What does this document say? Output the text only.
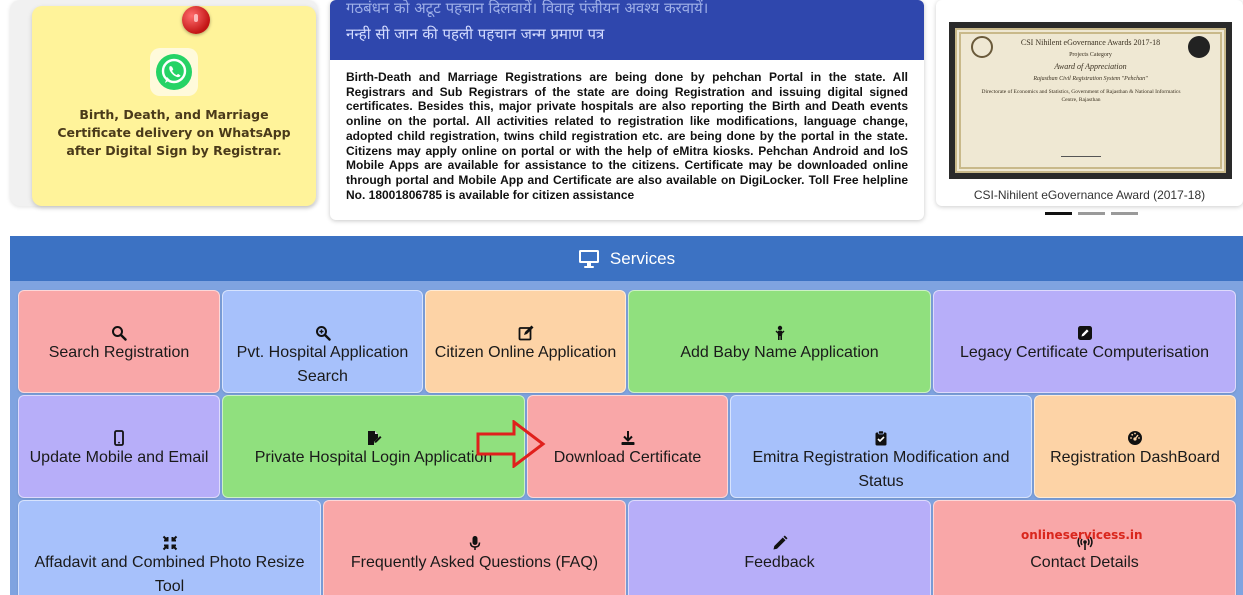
Birth, Death, and Marriage Certificate delivery on WhatsApp after Digital Sign by Registrar.
गठबंधन को अटूट पहचान दिलवायें। विवाह पंजीयन अवश्य करवायें।
नन्ही सी जान की पहली पहचान जन्म प्रमाण पत्र
Birth-Death and Marriage Registrations are being done by pehchan Portal in the state. All Registrars and Sub Registrars of the state are doing Registration and issuing digital signed certificates. Besides this, major private hospitals are also reporting the Birth and Death events online on the portal. All activities related to registration like modifications, language change, adopted child registration, twins child registration etc. are being done by the portal in the state. Citizens may apply online on portal or with the help of eMitra kiosks. Pehchan Android and IoS Mobile Apps are available for assistance to the citizens. Certificate may be downloaded online through portal and Mobile App and Certificate are also available on DigiLocker. Toll Free helpline No. 18001806785 is available for citizen assistance
CSI Nihilent eGovernance Awards 2017-18
Projects Category
Award of Appreciation
Rajasthan Civil Registration System "Pehchan"
Directorate of Economics and Statistics, Government of Rajasthan & National Informatics Centre, Rajasthan
CSI-Nihilent eGovernance Award (2017-18)
Services
Search Registration	Pvt. Hospital Application Search
Citizen Online Application	Add Baby Name Application	Legacy Certificate Computerisation
Update Mobile and Email	Private Hospital Login Application	Download Certificate	Emitra Registration Modification and Status
Registration DashBoard
Affadavit and Combined Photo Resize Tool
Frequently Asked Questions (FAQ)	Feedback	Contact Details
onlineservicess.in
